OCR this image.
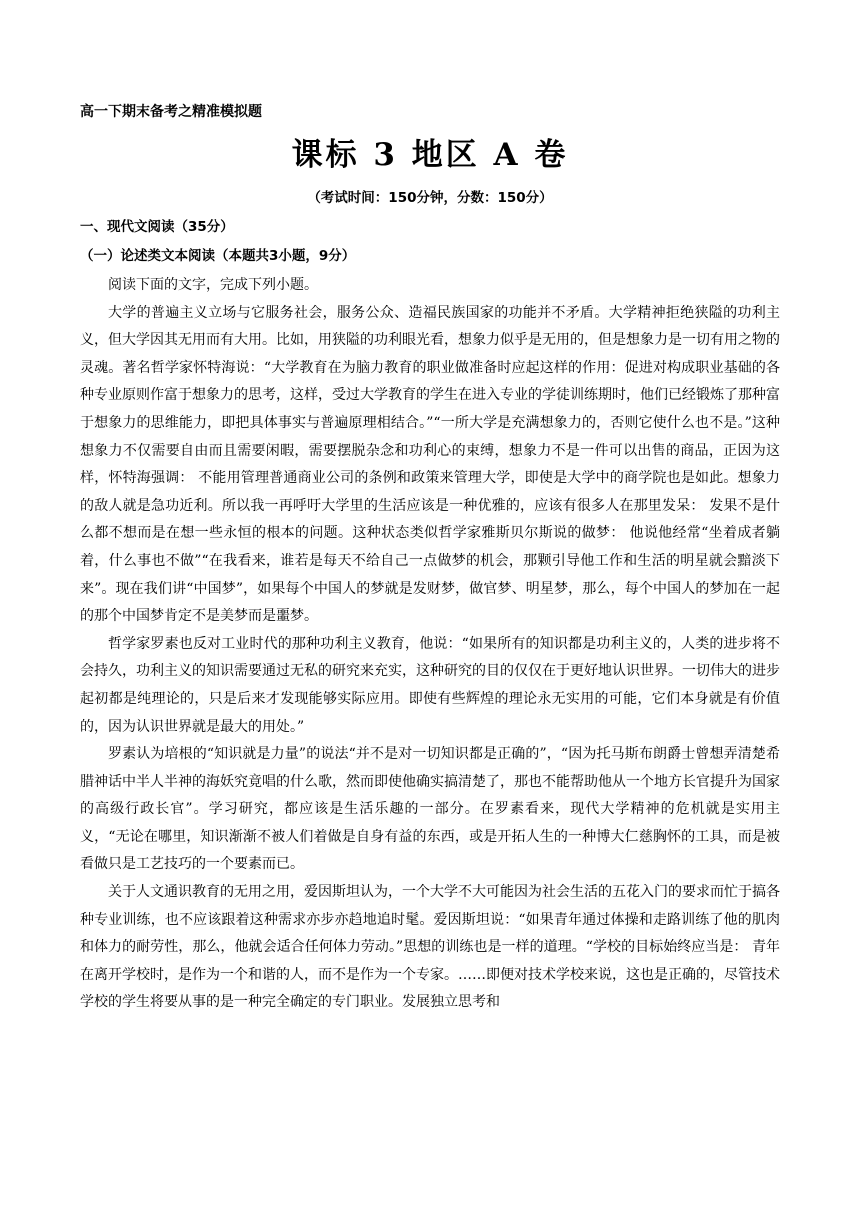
高一下期末备考之精准模拟题
课标 3 地区 A 卷
（考试时间：150分钟，分数：150分）
一、现代文阅读（35分）
（一）论述类文本阅读（本题共3小题，9分）

阅读下面的文字，完成下列小题。

大学的普遍主义立场与它服务社会，服务公众、造福民族国家的功能并不矛盾。大学精神拒绝狭隘的功利主义，但大学因其无用而有大用。比如，用狭隘的功利眼光看，想象力似乎是无用的，但是想象力是一切有用之物的灵魂。著名哲学家怀特海说：“大学教育在为脑力教育的职业做准备时应起这样的作用：促进对构成职业基础的各种专业原则作富于想象力的思考，这样，受过大学教育的学生在进入专业的学徒训练期时，他们已经锻炼了那种富于想象力的思维能力，即把具体事实与普遍原理相结合。”“一所大学是充满想象力的，否则它使什么也不是。”这种想象力不仅需要自由而且需要闲暇，需要摆脱杂念和功利心的束缚，想象力不是一件可以出售的商品，正因为这样，怀特海强调： 不能用管理普通商业公司的条例和政策来管理大学，即使是大学中的商学院也是如此。想象力的敌人就是急功近利。所以我一再呼吁大学里的生活应该是一种优雅的，应该有很多人在那里发呆： 发果不是什么都不想而是在想一些永恒的根本的问题。这种状态类似哲学家雅斯贝尔斯说的做梦： 他说他经常“坐着成者躺着，什么事也不做”“在我看来，谁若是每天不给自己一点做梦的机会，那颗引导他工作和生活的明星就会黯淡下来”。现在我们讲“中国梦”，如果每个中国人的梦就是发财梦，做官梦、明星梦，那么，每个中国人的梦加在一起的那个中国梦肯定不是美梦而是噩梦。

哲学家罗素也反对工业时代的那种功利主义教育，他说：“如果所有的知识都是功利主义的，人类的进步将不会持久，功利主义的知识需要通过无私的研究来充实，这种研究的目的仅仅在于更好地认识世界。一切伟大的进步起初都是纯理论的，只是后来才发现能够实际应用。即使有些辉煌的理论永无实用的可能，它们本身就是有价值的，因为认识世界就是最大的用处。”

罗素认为培根的“知识就是力量”的说法“并不是对一切知识都是正确的”，“因为托马斯布朗爵士曾想弄清楚希腊神话中半人半神的海妖究竟唱的什么歌，然而即使他确实搞清楚了，那也不能帮助他从一个地方长官提升为国家的高级行政长官”。学习研究，都应该是生活乐趣的一部分。在罗素看来，现代大学精神的危机就是实用主义，“无论在哪里，知识渐渐不被人们着做是自身有益的东西，或是开拓人生的一种博大仁慈胸怀的工具，而是被看做只是工艺技巧的一个要素而已。

关于人文通识教育的无用之用，爱因斯坦认为，一个大学不大可能因为社会生活的五花入门的要求而忙于搞各种专业训练，也不应该跟着这种需求亦步亦趋地追时髦。爱因斯坦说：“如果青年通过体操和走路训练了他的肌肉和体力的耐劳性，那么，他就会适合任何体力劳动。”思想的训练也是一样的道理。“学校的目标始终应当是： 青年在离开学校时，是作为一个和谐的人，而不是作为一个专家。……即便对技术学校来说，这也是正确的，尽管技术学校的学生将要从事的是一种完全确定的专门职业。发展独立思考和
